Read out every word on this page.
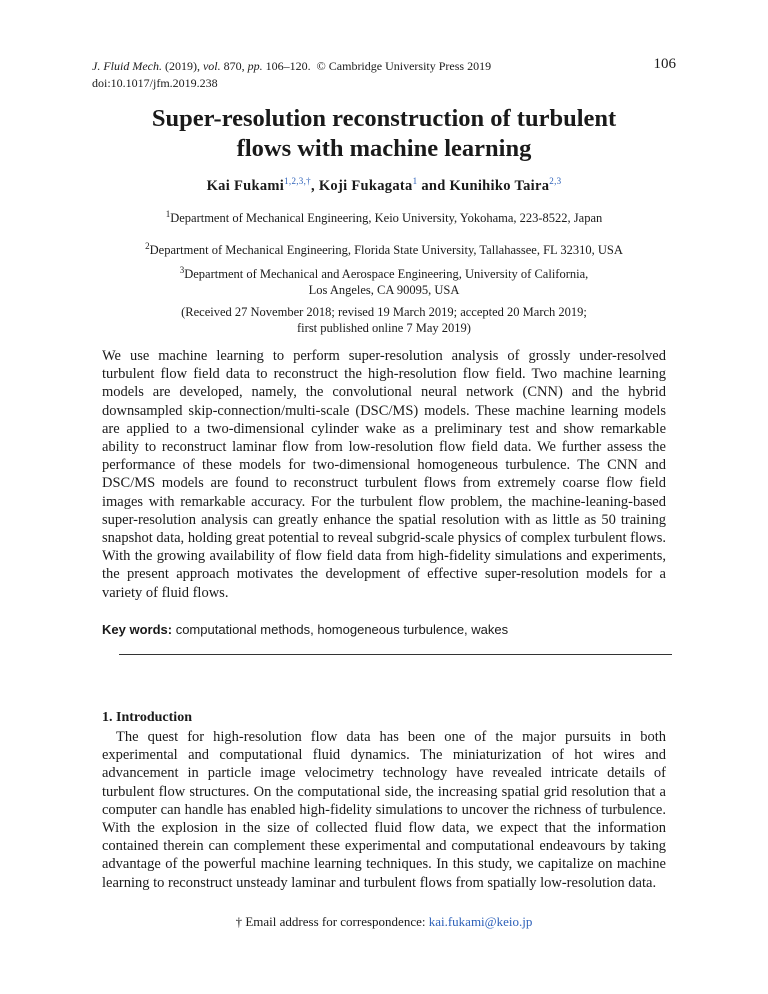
J. Fluid Mech. (2019), vol. 870, pp. 106–120. © Cambridge University Press 2019
doi:10.1017/jfm.2019.238
106
Super-resolution reconstruction of turbulent
flows with machine learning
Kai Fukami$^{1,2,3,\dagger}$, Koji Fukagata$^1$ and Kunihiko Taira$^{2,3}$
$^1$Department of Mechanical Engineering, Keio University, Yokohama, 223-8522, Japan
$^2$Department of Mechanical Engineering, Florida State University, Tallahassee, FL 32310, USA
$^3$Department of Mechanical and Aerospace Engineering, University of California,
Los Angeles, CA 90095, USA
(Received 27 November 2018; revised 19 March 2019; accepted 20 March 2019;
first published online 7 May 2019)
We use machine learning to perform super-resolution analysis of grossly under-resolved turbulent flow field data to reconstruct the high-resolution flow field. Two machine learning models are developed, namely, the convolutional neural network (CNN) and the hybrid downsampled skip-connection/multi-scale (DSC/MS) models. These machine learning models are applied to a two-dimensional cylinder wake as a preliminary test and show remarkable ability to reconstruct laminar flow from low-resolution flow field data. We further assess the performance of these models for two-dimensional homogeneous turbulence. The CNN and DSC/MS models are found to reconstruct turbulent flows from extremely coarse flow field images with remarkable accuracy. For the turbulent flow problem, the machine-leaning-based super-resolution analysis can greatly enhance the spatial resolution with as little as 50 training snapshot data, holding great potential to reveal subgrid-scale physics of complex turbulent flows. With the growing availability of flow field data from high-fidelity simulations and experiments, the present approach motivates the development of effective super-resolution models for a variety of fluid flows.
Key words: computational methods, homogeneous turbulence, wakes
1. Introduction
The quest for high-resolution flow data has been one of the major pursuits in both experimental and computational fluid dynamics. The miniaturization of hot wires and advancement in particle image velocimetry technology have revealed intricate details of turbulent flow structures. On the computational side, the increasing spatial grid resolution that a computer can handle has enabled high-fidelity simulations to uncover the richness of turbulence. With the explosion in the size of collected fluid flow data, we expect that the information contained therein can complement these experimental and computational endeavours by taking advantage of the powerful machine learning techniques. In this study, we capitalize on machine learning to reconstruct unsteady laminar and turbulent flows from spatially low-resolution data.
† Email address for correspondence: kai.fukami@keio.jp
